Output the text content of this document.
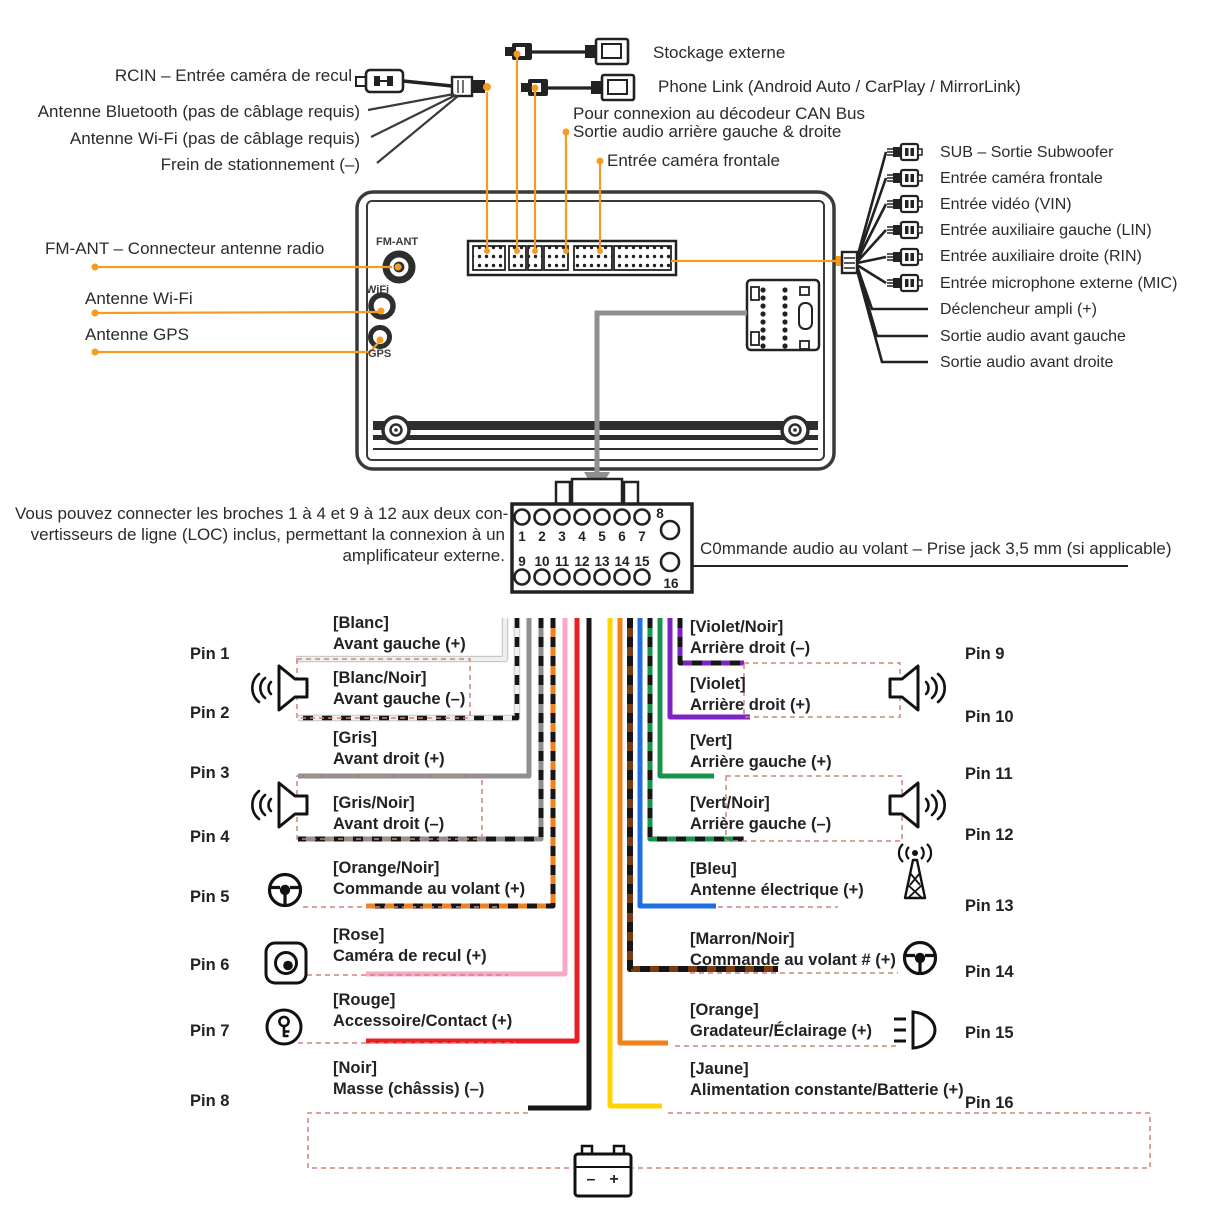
1 2 3 4 5 6 7
8
9 10 11 12 13 14 15
16
– +
RCIN – Entrée caméra de recul
Antenne Bluetooth (pas de câblage requis)
Antenne Wi-Fi (pas de câblage requis)
Frein de stationnement (–)
Stockage externe
Phone Link (Android Auto / CarPlay / MirrorLink)
Pour connexion au décodeur CAN Bus
Sortie audio arrière gauche & droite
Entrée caméra frontale	SUB – Sortie Subwoofer
Entrée caméra frontale
Entrée vidéo (VIN)
Entrée auxiliaire gauche (LIN)
Entrée auxiliaire droite (RIN)
Entrée microphone externe (MIC)
Déclencheur ampli (+)
Sortie audio avant gauche
Sortie audio avant droite
FM-ANT – Connecteur antenne radio
Antenne Wi-Fi
Antenne GPS
FM-ANT
WiFi
GPS
Vous pouvez connecter les broches 1 à 4 et 9 à 12 aux deux con-
vertisseurs de ligne (LOC) inclus, permettant la connexion à un
amplificateur externe.	C0mmande audio au volant – Prise jack 3,5 mm (si applicable)
[Blanc]
Avant gauche (+)
Pin 1
[Blanc/Noir]
Avant gauche (–)
Pin 2
[Gris]
Avant droit (+)
Pin 3
[Gris/Noir]
Avant droit (–)
Pin 4
[Orange/Noir]
Commande au volant (+)
Pin 5
[Rose]
Caméra de recul (+)
Pin 6
[Rouge]
Accessoire/Contact (+)
Pin 7
[Noir]
Masse (châssis) (–)
Pin 8
[Violet/Noir]
Arrière droit (–)	Pin 9
[Violet]
Arrière droit (+)
Pin 10
[Vert]
Arrière gauche (+)
Pin 11
[Vert/Noir]
Arrière gauche (–)
Pin 12
[Bleu]
Antenne électrique (+)
Pin 13
[Marron/Noir]
Commande au volant # (+)
Pin 14
[Orange]
Gradateur/Éclairage (+)	Pin 15
[Jaune]
Alimentation constante/Batterie (+)
Pin 16
